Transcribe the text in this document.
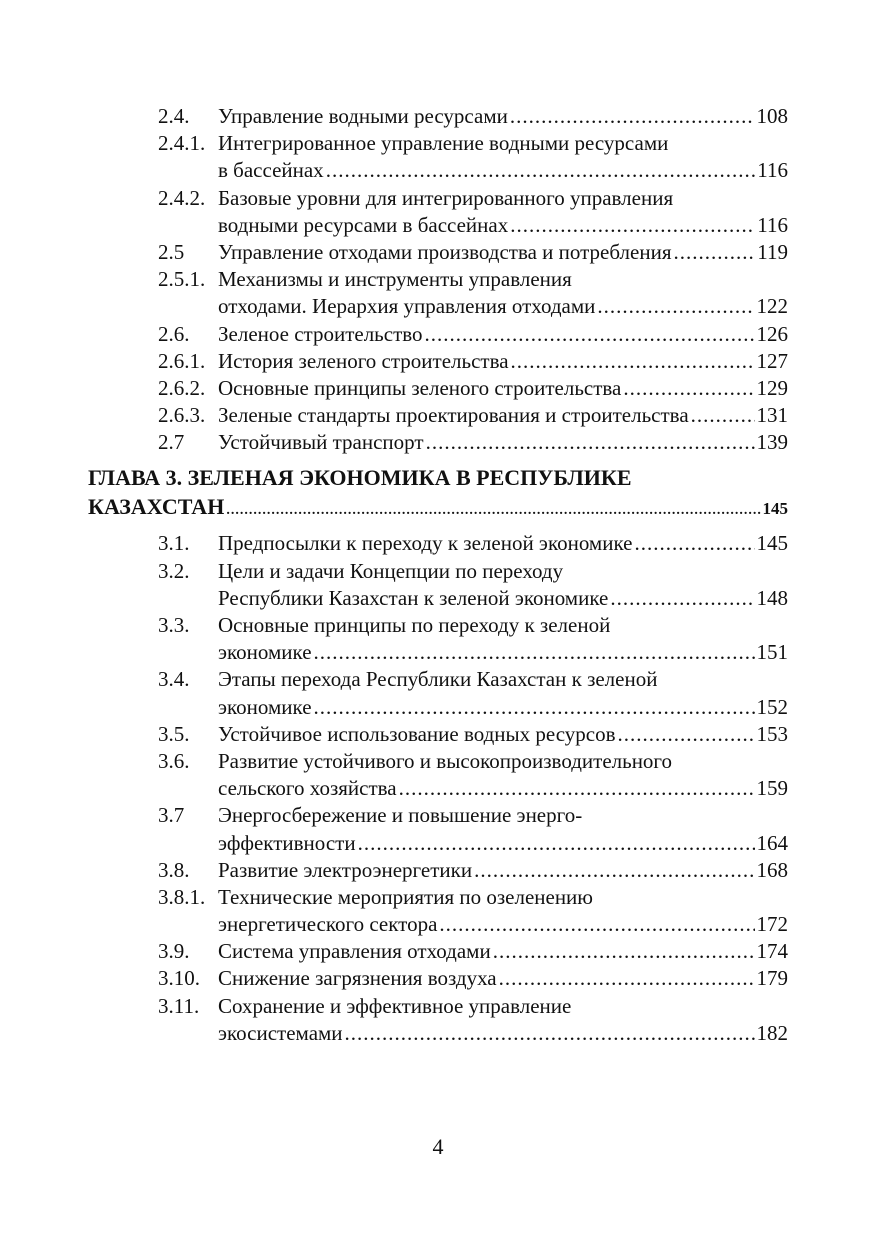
2.4. Управление водными ресурсами .....	108
2.4.1. Интегрированное управление водными ресурсами
в бассейнах .....	116
2.4.2. Базовые уровни для интегрированного управления
водными ресурсами в бассейнах .....	116
2.5 Управление отходами производства и потребления .....	119
2.5.1. Механизмы и инструменты управления
отходами. Иерархия управления отходами .....	122
2.6. Зеленое строительство .....	126
2.6.1. История зеленого строительства .....	127
2.6.2. Основные принципы зеленого строительства .....	129
2.6.3. Зеленые стандарты проектирования и строительства .....	131
2.7 Устойчивый транспорт .....	139
ГЛАВА 3. ЗЕЛЕНАЯ ЭКОНОМИКА В РЕСПУБЛИКЕ
КАЗАХСТАН .....	145
3.1. Предпосылки к переходу к зеленой экономике .....	145
3.2. Цели и задачи Концепции по переходу
Республики Казахстан к зеленой экономике .....	148
3.3. Основные принципы по переходу к зеленой
экономике .....	151
3.4. Этапы перехода Республики Казахстан к зеленой
экономике .....	152
3.5. Устойчивое использование водных ресурсов .....	153
3.6. Развитие устойчивого и высокопроизводительного
сельского хозяйства .....	159
3.7 Энергосбережение и повышение энерго-
эффективности .....	164
3.8. Развитие электроэнергетики .....	168
3.8.1. Технические мероприятия по озеленению
энергетического сектора .....	172
3.9. Система управления отходами .....	174
3.10. Снижение загрязнения воздуха .....	179
3.11. Сохранение и эффективное управление
экосистемами .....	182
4
